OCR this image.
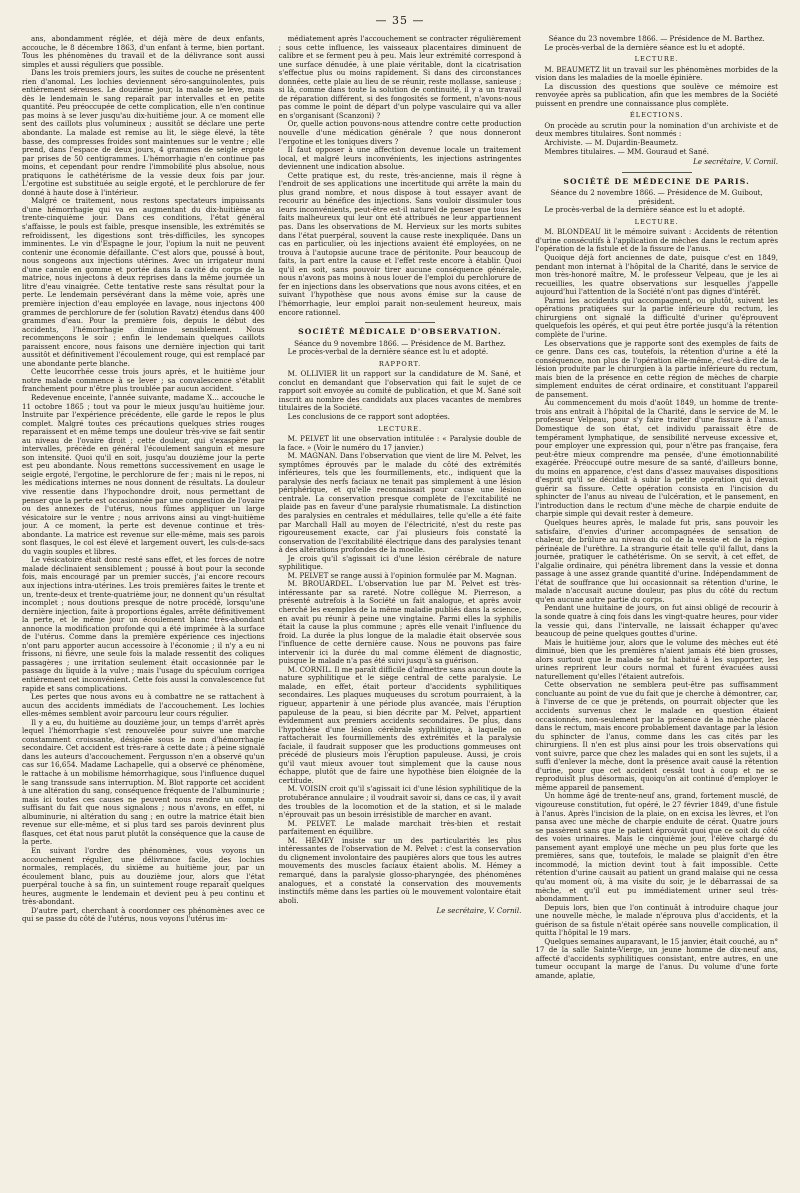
— 35 —

ans, abondamment réglée, et déjà mère de deux enfants, accouche, le 8 décembre 1863, d'un enfant à terme, bien portant. Tous les phénomènes du travail et de la délivrance sont aussi simples et aussi réguliers que possible.

Dans les trois premiers jours, les suites de couche ne présentent rien d'anomal. Les lochies deviennent séro-sanguinolentes, puis entièrement séreuses. Le douzième jour, la malade se lève, mais dès le lendemain le sang reparaît par intervalles et en petite quantité. Peu préoccupée de cette complication, elle n'en continue pas moins à se lever jusqu'au dix-huitième jour. A ce moment elle sent des caillots plus volumineux ; aussitôt se déclare une perte abondante. La malade est remise au lit, le siège élevé, la tête basse, des compresses froides sont maintenues sur le ventre ; elle prend, dans l'espace de deux jours, 4 grammes de seigle ergoté par prises de 50 centigrammes. L'hémorrhagie n'en continue pas moins, et cependant pour rendre l'immobilité plus absolue, nous pratiquons le cathétérisme de la vessie deux fois par jour. L'ergotine est substituée au seigle ergoté, et le perchlorure de fer donné à haute dose à l'intérieur.

Malgré ce traitement, nous restons spectateurs impuissants d'une hémorrhagie qui va en augmentant du dix-huitième au trente-cinquième jour. Dans ces conditions, l'état général s'affaisse, le pouls est faible, presque insensible, les extrémités se refroidissent, les digestions sont très-difficiles, les syncopes imminentes. Le vin d'Espagne le jour, l'opium la nuit ne peuvent contenir une économie défaillante. C'est alors que, poussé à bout, nous songeons aux injections utérines. Avec un irrigateur muni d'une canule en gomme et portée dans la cavité du corps de la matrice, nous injectons à deux reprises dans la même journée un litre d'eau vinaigrée. Cette tentative reste sans résultat pour la perte. Le lendemain persévérant dans la même voie, après une première injection d'eau employée en lavage, nous injectons 400 grammes de perchlorure de fer (solution Ravatz) étendus dans 400 grammes d'eau. Pour la première fois, depuis le début des accidents, l'hémorrhagie diminue sensiblement. Nous recommençons le soir ; enfin le lendemain quelques caillots paraissent encore, nous faisons une dernière injection qui tarit aussitôt et définitivement l'écoulement rouge, qui est remplacé par une abondante perte blanche.

Cette leucorrhée cesse trois jours après, et le huitième jour notre malade commence à se lever ; sa convalescence s'établit franchement pour n'être plus troublée par aucun accident.

Redevenue enceinte, l'année suivante, madame X... accouche le 11 octobre 1865 ; tout va pour le mieux jusqu'au huitième jour. Instruite par l'expérience précédente, elle garde le repos le plus complet. Malgré toutes ces précautions quelques stries rouges reparaissent et en même temps une douleur très-vive se fait sentir au niveau de l'ovaire droit ; cette douleur, qui s'exaspère par intervalles, précède en général l'écoulement sanguin et mesure son intensité. Quoi qu'il en soit, jusqu'au douzième jour la perte est peu abondante. Nous remettons successivement en usage le seigle ergoté, l'ergotine, le perchlorure de fer ; mais ni le repos, ni les médications internes ne nous donnent de résultats. La douleur vive ressentie dans l'hypochondre droit, nous permettant de penser que la perte est occasionnée par une congestion de l'ovaire ou des annexes de l'utérus, nous fûmes appliquer un large vésicatoire sur le ventre ; nous arrivons ainsi au vingt-huitième jour. A ce moment, la perte est devenue continue et très-abondante. La matrice est revenue sur elle-même, mais ses parois sont flasques, le col est élevé et largement ouvert, les culs-de-sacs du vagin souples et libres.

Le vésicatoire était donc resté sans effet, et les forces de notre malade déclinaient sensiblement ; poussé à bout pour la seconde fois, mais encouragé par un premier succès, j'ai encore recours aux injections intra-utérines. Les trois premières faites le trente et un, trente-deux et trente-quatrième jour, ne donnent qu'un résultat incomplet ; nous doutions presque de notre procédé, lorsqu'une dernière injection, faite à proportions égales, arrête définitivement la perte, et le même jour un écoulement blanc très-abondant annonce la modification profonde qui a été imprimée à la surface de l'utérus. Comme dans la première expérience ces injections n'ont paru apporter aucun accessoire à l'économie ; il n'y a eu ni frissons, ni fièvre, une seule fois la malade ressentit des coliques passagères ; une irritation seulement était occasionnée par le passage du liquide à la vulve ; mais l'usage du spéculum corrigea entièrement cet inconvénient. Cette fois aussi la convalescence fut rapide et sans complications.

Les pertes que nous avons eu à combattre ne se rattachent à aucun des accidents immédiats de l'accouchement. Les lochies elles-mêmes semblent avoir parcouru leur cours régulier.

Il y a eu, du huitième au douzième jour, un temps d'arrêt après lequel l'hémorrhagie s'est renouvelée pour suivre une marche constamment croissante, désignée sous le nom d'hémorrhagie secondaire. Cet accident est très-rare à cette date ; à peine signalé dans les auteurs d'accouchement. Fergusson n'en a observé qu'un cas sur 16,654. Madame Lachapelle, qui a observé ce phénomène, le rattache à un mobilisme hémorrhagique, sous l'influence duquel le sang transsude sans interruption. M. Blot rapporte cet accident à une altération du sang, conséquence fréquente de l'albuminurie ; mais ici toutes ces causes ne peuvent nous rendre un compte suffisant du fait que nous signalons ; nous n'avons, en effet, ni albuminurie, ni altération du sang ; en outre la matrice était bien revenue sur elle-même, et si plus tard ses parois devinrent plus flasques, cet état nous parut plutôt la conséquence que la cause de la perte.

En suivant l'ordre des phénomènes, vous voyons un accouchement régulier, une délivrance facile, des lochies normales, remplacés, du sixième au huitième jour, par un écoulement blanc, puis au douzième jour, alors que l'état puerpéral touche à sa fin, un suintement rouge reparaît quelques heures, augmente le lendemain et devient peu à peu continu et très-abondant.

D'autre part, cherchant à coordonner ces phénomènes avec ce qui se passe du côté de l'utérus, nous voyons l'utérus im-

médiatement après l'accouchement se contracter régulièrement ; sous cette influence, les vaisseaux placentaires diminuent de calibre et se ferment peu à peu. Mais leur extrémité correspond à une surface dénudée, à une plaie véritable, dont la cicatrisation s'effectue plus ou moins rapidement. Si dans des circonstances données, cette plaie au lieu de se réunir, reste mollasse, sanieuse ; si là, comme dans toute la solution de continuité, il y a un travail de réparation différent, si des fongosités se forment, n'avons-nous pas comme le point de départ d'un polype vasculaire qui va aller en s'organisant (Scanzoni) ?

Or, quelle action pouvons-nous attendre contre cette production nouvelle d'une médication générale ? que nous donneront l'ergotine et les toniques divers ?

Il faut opposer à une affection devenue locale un traitement local, et malgré leurs inconvénients, les injections astringentes deviennent une indication absolue.

Cette pratique est, du reste, très-ancienne, mais il règne à l'endroit de ses applications une incertitude qui arrête la main du plus grand nombre, et nous dispose à tout essayer avant de recourir au bénéfice des injections. Sans vouloir dissimuler tous leurs inconvénients, peut-être est-il naturel de penser que tous les faits malheureux qui leur ont été attribués ne leur appartiennent pas. Dans les observations de M. Hervieux sur les morts subites dans l'état puerpéral, souvent la cause reste inexpliquée. Dans un cas en particulier, où les injections avaient été employées, on ne trouva à l'autopsie aucune trace de péritonite. Pour beaucoup de faits, la part entre la cause et l'effet reste encore à établir. Quoi qu'il en soit, sans pouvoir tirer aucune conséquence générale, nous n'avons pas moins à nous louer de l'emploi du perchlorure de fer en injections dans les observations que nous avons citées, et en suivant l'hypothèse que nous avons émise sur la cause de l'hémorrhagie, leur emploi parait non-seulement heureux, mais encore rationnel.

SOCIÉTÉ MÉDICALE D'OBSERVATION.

Séance du 9 novembre 1866. — Présidence de M. Barthez.

Le procès-verbal de la dernière séance est lu et adopté.

RAPPORT.

M. OLLIVIER lit un rapport sur la candidature de M. Sané, et conclut en demandant que l'observation qui fait le sujet de ce rapport soit envoyée au comité de publication, et que M. Sané soit inscrit au nombre des candidats aux places vacantes de membres titulaires de la Société.

Les conclusions de ce rapport sont adoptées.

LECTURE.

M. PELVET lit une observation intitulée : « Paralysie double de la face. » (Voir le numéro du 17 janvier.)

M. MAGNAN. Dans l'observation que vient de lire M. Pelvet, les symptômes éprouvés par le malade du côté des extrémités inférieures, tels que les fourmillements, etc., indiquent que la paralysie des nerfs faciaux ne tenait pas simplement à une lésion périphérique, et qu'elle reconnaissait pour cause une lésion centrale. La conservation presque complète de l'excitabilité ne plaide pas en faveur d'une paralysie rhumatismale. La distinction des paralysies en centrales et médullaires, telle qu'elle a été faite par Marchall Hall au moyen de l'électricité, n'est du reste pas rigoureusement exacte, car j'ai plusieurs fois constaté la conservation de l'excitabilité électrique dans des paralysies tenant à des altérations profondes de la moelle.

Je crois qu'il s'agissait ici d'une lésion cérébrale de nature syphilitique.

M. PELVET se range aussi à l'opinion formulée par M. Magnan.

M. BROUARDEL. L'observation lue par M. Pelvet est très-intéressante par sa rareté. Notre collègue M. Pierreson, a présenté autrefois à la Société un fait analogue, et après avoir cherché les exemples de la même maladie publiés dans la science, en avait pu réunir à peine une vingtaine. Parmi elles la syphilis était la cause la plus commune ; après elle venait l'influence du froid. La durée la plus longue de la maladie était observée sous l'influence de cette dernière cause. Nous ne pouvons pas faire intervenir ici la durée du mal comme élément de diagnostic, puisque le malade n'a pas été suivi jusqu'à sa guérison.

M. CORNIL. Il me paraît difficile d'admettre sans aucun doute la nature syphilitique et le siège central de cette paralysie. Le malade, en effet, était porteur d'accidents syphilitiques secondaires. Les plaques muqueuses du scrotum pourraient, à la rigueur, appartenir à une période plus avancée, mais l'éruption papuleuse de la peau, si bien décrite par M. Pelvet, appartient évidemment aux premiers accidents secondaires. De plus, dans l'hypothèse d'une lésion cérébrale syphilitique, à laquelle on rattacherait les fourmillements des extrémités et la paralysie faciale, il faudrait supposer que les productions gommeuses ont précédé de plusieurs mois l'éruption papuleuse. Aussi, je crois qu'il vaut mieux avouer tout simplement que la cause nous échappe, plutôt que de faire une hypothèse bien éloignée de la certitude.

M. VOISIN croit qu'il s'agissait ici d'une lésion syphilitique de la protubérance annulaire ; il voudrait savoir si, dans ce cas, il y avait des troubles de la locomotion et de la station, et si le malade n'éprouvait pas un besoin irrésistible de marcher en avant.

M. PELVET. Le malade marchait très-bien et restait parfaitement en équilibre.

M. HÉMEY insiste sur un des particularités les plus intéressantes de l'observation de M. Pelvet : c'est la conservation du clignement involontaire des paupières alors que tous les autres mouvements des muscles faciaux étaient abolis. M. Hémey a remarqué, dans la paralysie glosso-pharyngée, des phénomènes analogues, et a constaté la conservation des mouvements instinctifs même dans les parties où le mouvement volontaire était aboli.

Le secrétaire, V. Cornil.

Séance du 23 novembre 1866. — Présidence de M. Barthez.

Le procès-verbal de la dernière séance est lu et adopté.

LECTURE.

M. BEAUMETZ lit un travail sur les phénomènes morbides de la vision dans les maladies de la moelle épinière.

La discussion des questions que soulève ce mémoire est renvoyée après sa publication, afin que les membres de la Société puissent en prendre une connaissance plus complète.

ÉLECTIONS.

On procède au scrutin pour la nomination d'un archiviste et de deux membres titulaires. Sont nommés :

Archiviste. — M. Dujardin-Beaumetz.

Membres titulaires. — MM. Gouraud et Sané.

Le secrétaire, V. Cornil.
SOCIÉTÉ DE MÉDECINE DE PARIS.

Séance du 2 novembre 1866. — Présidence de M. Guibout, président.

Le procès-verbal de la dernière séance est lu et adopté.

LECTURE.

M. BLONDEAU lit le mémoire suivant : Accidents de rétention d'urine consécutifs à l'application de mèches dans le rectum après l'opération de la fistule et de la fissure de l'anus.

Quoique déjà fort anciennes de date, puisque c'est en 1849, pendant mon internat à l'hôpital de la Charité, dans le service de mon très-honoré maître, M. le professeur Velpeau, que je les ai recueillies, les quatre observations sur lesquelles j'appelle aujourd'hui l'attention de la Société n'ont pas dignes d'intérêt.

Parmi les accidents qui accompagnent, ou plutôt, suivent les opérations pratiquées sur la partie inférieure du rectum, les chirurgiens ont signalé la difficulté d'uriner qu'éprouvent quelquefois les opérés, et qui peut être portée jusqu'à la rétention complète de l'urine.

Les observations que je rapporte sont des exemples de faits de ce genre. Dans ces cas, toutefois, la rétention d'urine a été la conséquence, non plus de l'opération elle-même, c'est-à-dire de la lésion produite par le chirurgien à la partie inférieure du rectum, mais bien de la présence en cette région de mèches de charpie simplement enduites de cérat ordinaire, et constituant l'appareil de pansement.

Au commencement du mois d'août 1849, un homme de trente-trois ans entrait à l'hôpital de la Charité, dans le service de M. le professeur Velpeau, pour s'y faire traiter d'une fissure à l'anus. Domestique de son état, cet individu paraissait être de tempérament lymphatique, de sensibilité nerveuse excessive et, pour employer une expression qui, pour n'être pas française, fera peut-être mieux comprendre ma pensée, d'une émotionnabilité exagérée. Préoccupé outre mesure de sa santé, d'ailleurs bonne, du moins en apparence, c'est dans d'assez mauvaises dispositions d'esprit qu'il se décidait à subir la petite opération qui devait guérir sa fissure. Cette opération consista en l'incision du sphincter de l'anus au niveau de l'ulcération, et le pansement, en l'introduction dans le rectum d'une mèche de charpie enduite de charpie simple qui devait rester à demeure.

Quelques heures après, le malade fut pris, sans pouvoir les satisfaire, d'envies d'uriner accompagnées de sensation de chaleur, de brûlure au niveau du col de la vessie et de la région périnéale de l'urèthre. La strangurie était telle qu'il fallut, dans la journée, pratiquer le cathétérisme. On se servit, à cet effet, de l'algalie ordinaire, qui pénétra librement dans la vessie et donna passage à une assez grande quantité d'urine. Indépendamment de l'état de souffrance que lui occasionnait sa rétention d'urine, le malade n'accusait aucune douleur, pas plus du côté du rectum qu'en aucune autre partie du corps.

Pendant une huitaine de jours, on fut ainsi obligé de recourir à la sonde quatre à cinq fois dans les vingt-quatre heures, pour vider la vessie qui, dans l'intervalle, ne laissait échapper qu'avec beaucoup de peine quelques gouttes d'urine.

Mais le huitième jour, alors que le volume des mèches eut été diminué, bien que les premières n'aient jamais été bien grosses, alors surtout que le malade se fut habitué à les supporter, les urines reprirent leur cours normal et furent évacuées aussi naturellement qu'elles l'étaient autrefois.

Cette observation ne semblera peut-être pas suffisamment concluante au point de vue du fait que je cherche à démontrer, car, à l'inverse de ce que je prétends, on pourrait objecter que les accidents survenus chez le malade en question étaient occasionnés, non-seulement par la présence de la mèche placée dans le rectum, mais encore probablement davantage par la lésion du sphincter de l'anus, comme dans les cas cités par les chirurgiens. Il n'en est plus ainsi pour les trois observations qui vont suivre, parce que chez les malades qui en sont les sujets, il a suffi d'enlever la mèche, dont la présence avait causé la rétention d'urine, pour que cet accident cessât tout à coup et ne se reproduisît plus désormais, quoiqu'on ait continué d'employer le même appareil de pansement.

Un homme âgé de trente-neuf ans, grand, fortement musclé, de vigoureuse constitution, fut opéré, le 27 février 1849, d'une fistule à l'anus. Après l'incision de la plaie, on en excisa les lèvres, et l'on pansa avec une mèche de charpie enduite de cérat. Quatre jours se passèrent sans que le patient éprouvât quoi que ce soit du côté des voies urinaires. Mais le cinquième jour, l'élève chargé du pansement ayant employé une mèche un peu plus forte que les premières, sans que, toutefois, le malade se plaignît d'en être incommodé, la miction devint tout à fait impossible. Cette rétention d'urine causait au patient un grand malaise qui ne cessa qu'au moment où, à ma visite du soir, je le débarrassai de sa mèche, et qu'il eut pu immédiatement uriner seul très-abondamment.

Depuis lors, bien que l'on continuât à introduire chaque jour une nouvelle mèche, le malade n'éprouva plus d'accidents, et la guérison de sa fistule n'était opérée sans nouvelle complication, il quitta l'hôpital le 19 mars.

Quelques semaines auparavant, le 15 janvier, était couché, au n° 17 de la salle Sainte-Vierge, un jeune homme de dix-neuf ans, affecté d'accidents syphilitiques consistant, entre autres, en une tumeur occupant la marge de l'anus. Du volume d'une forte amande, aplatie,
